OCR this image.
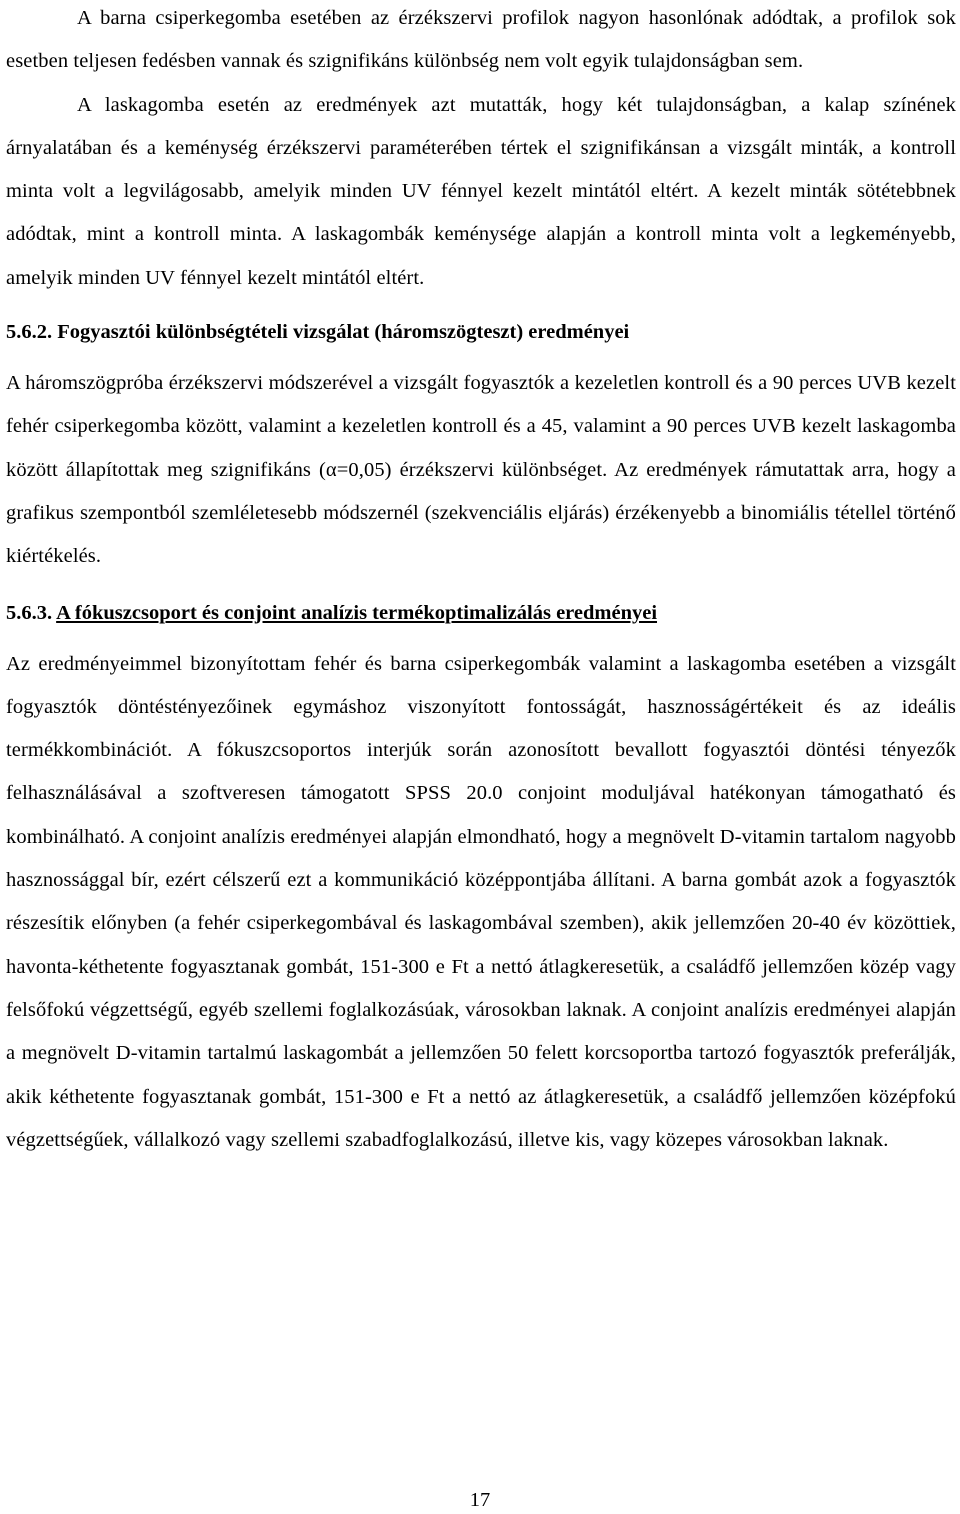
A barna csiperkegomba esetében az érzékszervi profilok nagyon hasonlónak adódtak, a profilok sok esetben teljesen fedésben vannak és szignifikáns különbség nem volt egyik tulajdonságban sem.

A laskagomba esetén az eredmények azt mutatták, hogy két tulajdonságban, a kalap színének árnyalatában és a keménység érzékszervi paraméterében tértek el szignifikánsan a vizsgált minták, a kontroll minta volt a legvilágosabb, amelyik minden UV fénnyel kezelt mintától eltért. A kezelt minták sötétebbnek adódtak, mint a kontroll minta. A laskagombák keménysége alapján a kontroll minta volt a legkeményebb, amelyik minden UV fénnyel kezelt mintától eltért.

5.6.2. Fogyasztói különbségtételi vizsgálat (háromszögteszt) eredményei

A háromszögpróba érzékszervi módszerével a vizsgált fogyasztók a kezeletlen kontroll és a 90 perces UVB kezelt fehér csiperkegomba között, valamint a kezeletlen kontroll és a 45, valamint a 90 perces UVB kezelt laskagomba között állapítottak meg szignifikáns (α=0,05) érzékszervi különbséget. Az eredmények rámutattak arra, hogy a grafikus szempontból szemléletesebb módszernél (szekvenciális eljárás) érzékenyebb a binomiális tétellel történő kiértékelés.

5.6.3. A fókuszcsoport és conjoint analízis termékoptimalizálás eredményei

Az eredményeimmel bizonyítottam fehér és barna csiperkegombák valamint a laskagomba esetében a vizsgált fogyasztók döntéstényezőinek egymáshoz viszonyított fontosságát, hasznosságértékeit és az ideális termékkombinációt. A fókuszcsoportos interjúk során azonosított bevallott fogyasztói döntési tényezők felhasználásával a szoftveresen támogatott SPSS 20.0 conjoint moduljával hatékonyan támogatható és kombinálható. A conjoint analízis eredményei alapján elmondható, hogy a megnövelt D-vitamin tartalom nagyobb hasznossággal bír, ezért célszerű ezt a kommunikáció középpontjába állítani. A barna gombát azok a fogyasztók részesítik előnyben (a fehér csiperkegombával és laskagombával szemben), akik jellemzően 20-40 év közöttiek, havonta-kéthetente fogyasztanak gombát, 151-300 e Ft a nettó átlagkeresetük, a családfő jellemzően közép vagy felsőfokú végzettségű, egyéb szellemi foglalkozásúak, városokban laknak. A conjoint analízis eredményei alapján a megnövelt D-vitamin tartalmú laskagombát a jellemzően 50 felett korcsoportba tartozó fogyasztók preferálják, akik kéthetente fogyasztanak gombát, 151-300 e Ft a nettó az átlagkeresetük, a családfő jellemzően középfokú végzettségűek, vállalkozó vagy szellemi szabadfoglalkozású, illetve kis, vagy közepes városokban laknak.

17
